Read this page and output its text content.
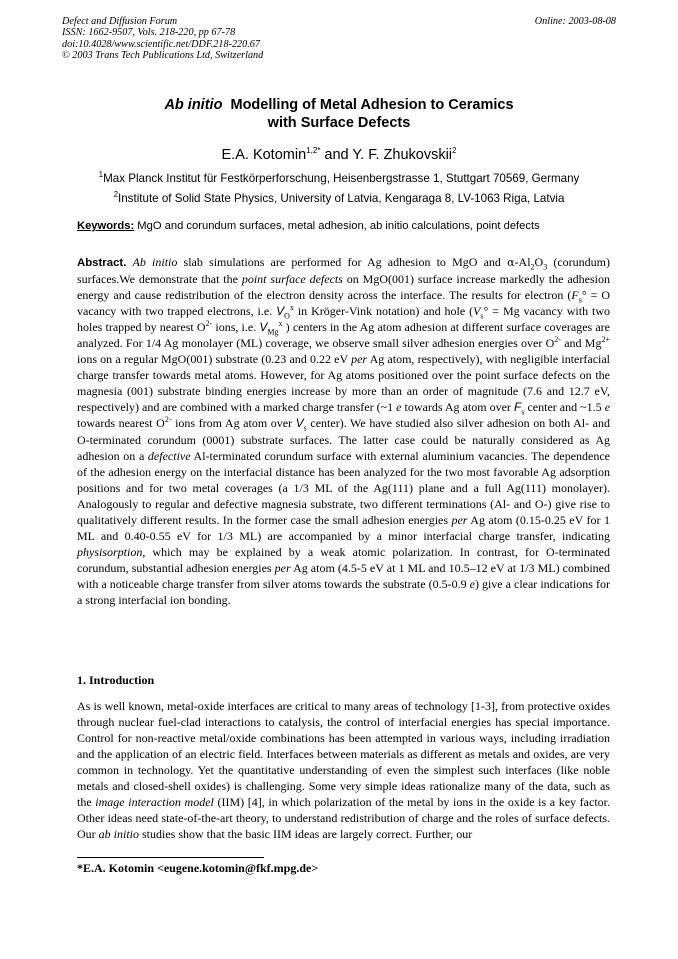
Defect and Diffusion Forum
ISSN: 1662-9507, Vols. 218-220, pp 67-78
doi:10.4028/www.scientific.net/DDF.218-220.67
© 2003 Trans Tech Publications Ltd, Switzerland
Online: 2003-08-08
Ab initio Modelling of Metal Adhesion to Ceramics
with Surface Defects
E.A. Kotomin$^{1,2*}$ and Y. F. Zhukovskii$^2$
$^1$Max Planck Institut für Festkörperforschung, Heisenbergstrasse 1, Stuttgart 70569, Germany
$^2$Institute of Solid State Physics, University of Latvia, Kengaraga 8, LV-1063 Riga, Latvia
Keywords: MgO and corundum surfaces, metal adhesion, ab initio calculations, point defects
Abstract. Ab initio slab simulations are performed for Ag adhesion to MgO and $\alpha-Al_2O_3$ (corundum) surfaces.We demonstrate that the point surface defects on MgO(001) surface increase markedly the adhesion energy and cause redistribution of the electron density across the interface. The results for electron ($F_s^\circ = O$ vacancy with two trapped electrons, i.e. $V_O^x$ in Kröger-Vink notation) and hole ($V_s^\circ = Mg$ vacancy with two holes trapped by nearest $O^{2-}$ ions, i.e. $V_{Mg}^x$ ) centers in the Ag atom adhesion at different surface coverages are analyzed. For 1/4 Ag monolayer (ML) coverage, we observe small silver adhesion energies over $O^{2-}$ and $Mg^{2+}$ ions on a regular MgO(001) substrate (0.23 and 0.22 eV per Ag atom, respectively), with negligible interfacial charge transfer towards metal atoms. However, for Ag atoms positioned over the point surface defects on the magnesia (001) substrate binding energies increase by more than an order of magnitude (7.6 and 12.7 eV, respectively) and are combined with a marked charge transfer (~1 e towards Ag atom over $F_s$ center and ~1.5 e towards nearest $O^{2-}$ ions from Ag atom over $V_s$ center). We have studied also silver adhesion on both Al- and O-terminated corundum (0001) substrate surfaces. The latter case could be naturally considered as Ag adhesion on a defective Al-terminated corundum surface with external aluminium vacancies. The dependence of the adhesion energy on the interfacial distance has been analyzed for the two most favorable Ag adsorption positions and for two metal coverages (a 1/3 ML of the Ag(111) plane and a full Ag(111) monolayer). Analogously to regular and defective magnesia substrate, two different terminations (Al- and O-) give rise to qualitatively different results. In the former case the small adhesion energies per Ag atom (0.15-0.25 eV for 1 ML and 0.40-0.55 eV for 1/3 ML) are accompanied by a minor interfacial charge transfer, indicating physisorption, which may be explained by a weak atomic polarization. In contrast, for O-terminated corundum, substantial adhesion energies per Ag atom (4.5-5 eV at 1 ML and 10.5–12 eV at 1/3 ML) combined with a noticeable charge transfer from silver atoms towards the substrate (0.5-0.9 e) give a clear indications for a strong interfacial ion bonding.
1. Introduction
As is well known, metal-oxide interfaces are critical to many areas of technology [1-3], from protective oxides through nuclear fuel-clad interactions to catalysis, the control of interfacial energies has special importance. Control for non-reactive metal/oxide combinations has been attempted in various ways, including irradiation and the application of an electric field. Interfaces between materials as different as metals and oxides, are very common in technology. Yet the quantitative understanding of even the simplest such interfaces (like noble metals and closed-shell oxides) is challenging. Some very simple ideas rationalize many of the data, such as the image interaction model (IIM) [4], in which polarization of the metal by ions in the oxide is a key factor. Other ideas need state-of-the-art theory, to understand redistribution of charge and the roles of surface defects. Our ab initio studies show that the basic IIM ideas are largely correct. Further, our
*E.A. Kotomin <eugene.kotomin@fkf.mpg.de>
